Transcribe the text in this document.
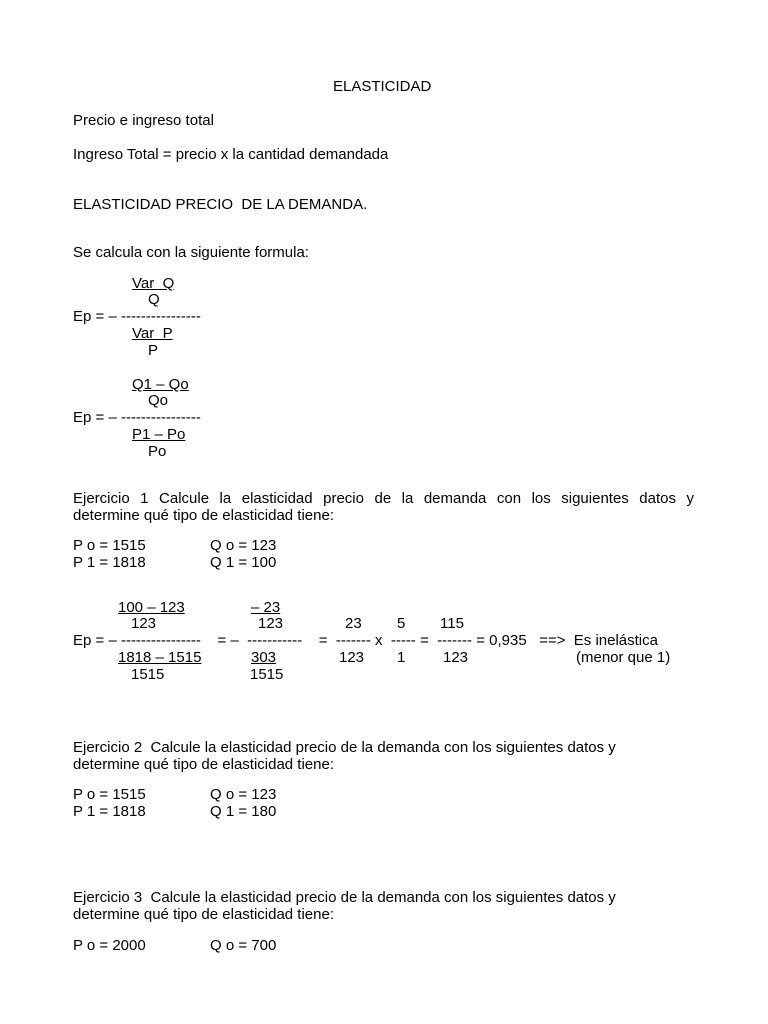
ELASTICIDAD
Precio e ingreso total
Ingreso Total = precio x la cantidad demandada
ELASTICIDAD PRECIO  DE LA DEMANDA.
Se calcula con la siguiente formula:
Var  Q
Q
Ep = – ----------------
Var  P
P
Q1 – Qo
Qo
Ep = – ----------------
P1 – Po
Po
Ejercicio 1 Calcule la elasticidad precio de la demanda con los siguientes datos y
determine qué tipo de elasticidad tiene:
P o = 1515	Q o = 123
P 1 = 1818	Q 1 = 100
100 – 123
123
– 23
123	23 5 115
Ep = – ----------------    = –  -----------    =  ------- x  ----- =  ------- = 0,935   ==>  Es inelástica
1818 – 1515	303	123 1	123	(menor que 1)
1515	1515
Ejercicio 2  Calcule la elasticidad precio de la demanda con los siguientes datos y
determine qué tipo de elasticidad tiene:
P o = 1515	Q o = 123
P 1 = 1818	Q 1 = 180
Ejercicio 3  Calcule la elasticidad precio de la demanda con los siguientes datos y
determine qué tipo de elasticidad tiene:
P o = 2000	Q o = 700
